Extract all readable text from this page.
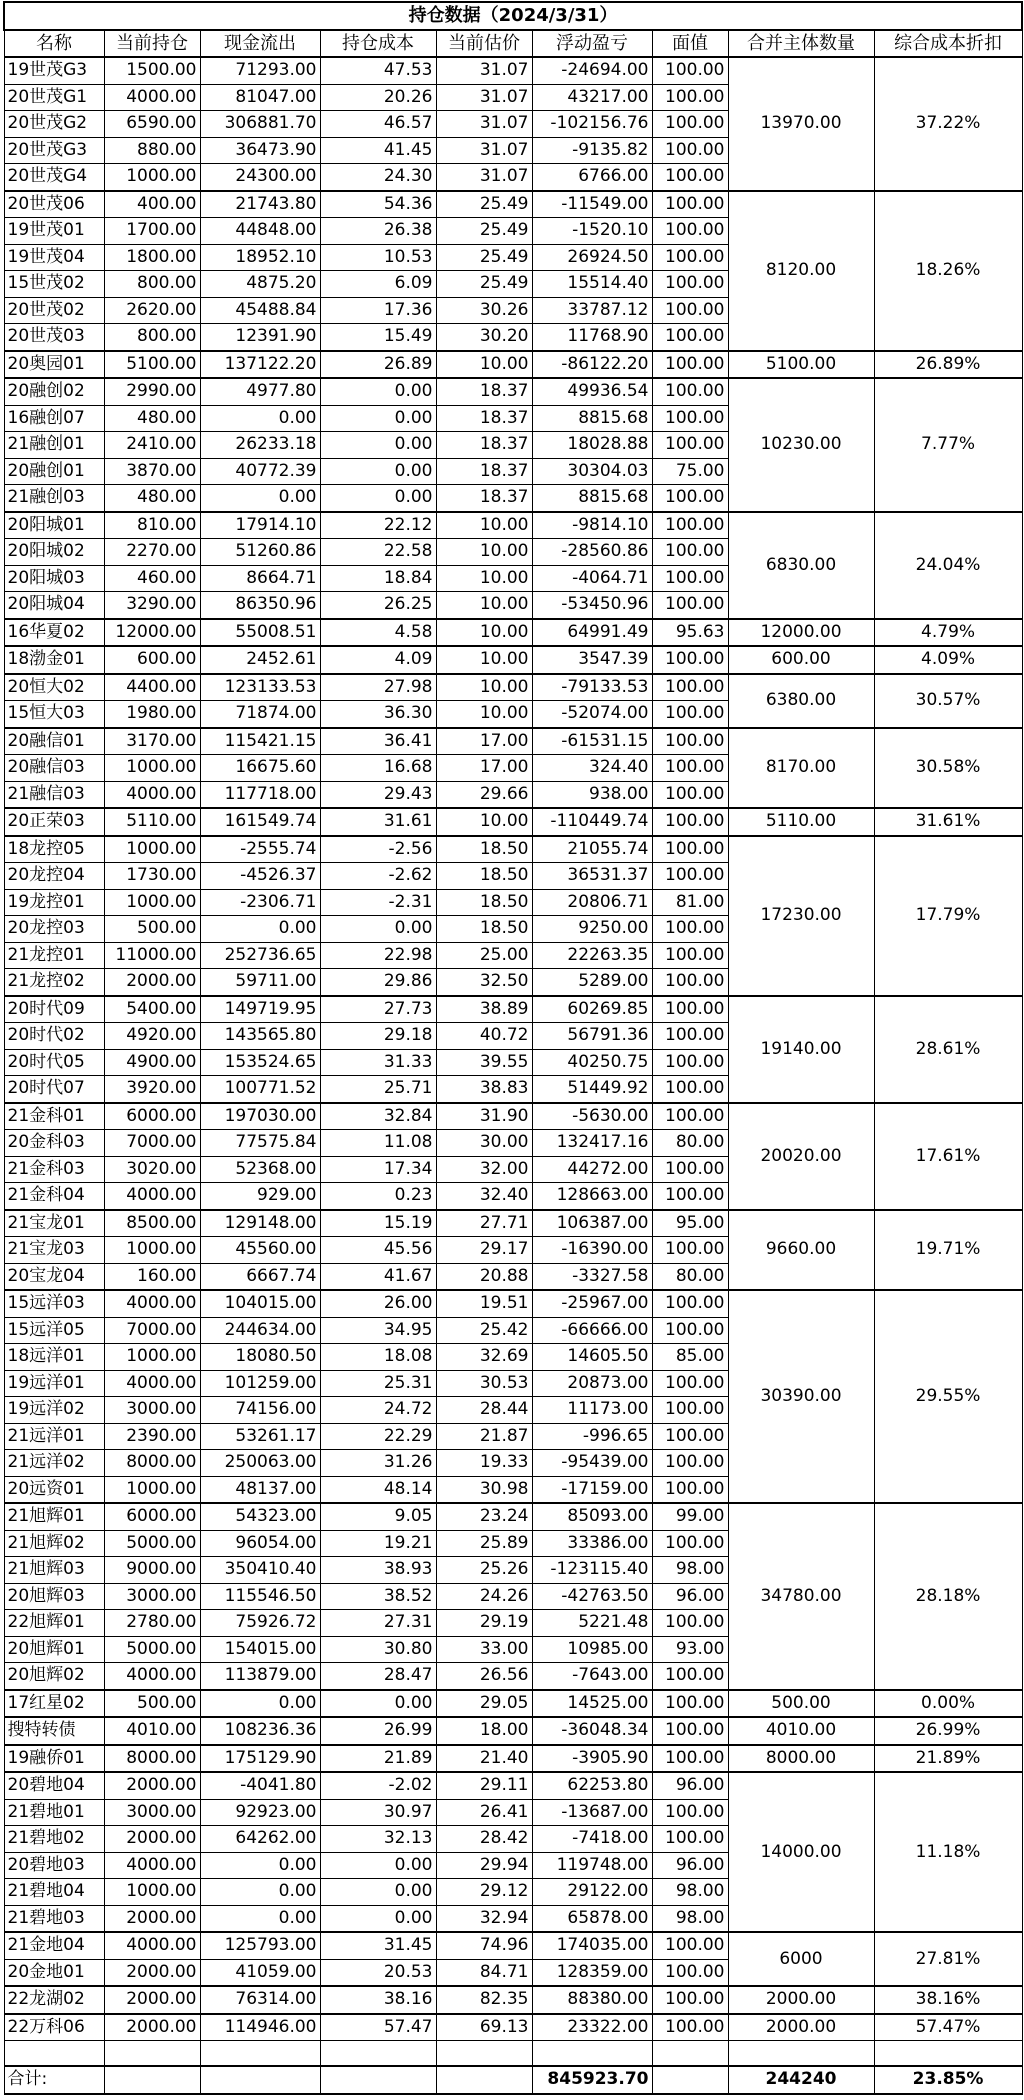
持仓数据（2024/3/31）								
名称	当前持仓	现金流出	持仓成本	当前估价	浮动盈亏	面值	合并主体数量	综合成本折扣
19世茂G3	1500.00	71293.00	47.53	31.07	-24694.00	100.00	13970.00	37.22%
20世茂G1	4000.00	81047.00	20.26	31.07	43217.00	100.00		
20世茂G2	6590.00	306881.70	46.57	31.07	-102156.76	100.00		
20世茂G3	880.00	36473.90	41.45	31.07	-9135.82	100.00		
20世茂G4	1000.00	24300.00	24.30	31.07	6766.00	100.00		
20世茂06	400.00	21743.80	54.36	25.49	-11549.00	100.00	8120.00	18.26%
19世茂01	1700.00	44848.00	26.38	25.49	-1520.10	100.00		
19世茂04	1800.00	18952.10	10.53	25.49	26924.50	100.00		
15世茂02	800.00	4875.20	6.09	25.49	15514.40	100.00		
20世茂02	2620.00	45488.84	17.36	30.26	33787.12	100.00		
20世茂03	800.00	12391.90	15.49	30.20	11768.90	100.00		
20奥园01	5100.00	137122.20	26.89	10.00	-86122.20	100.00	5100.00	26.89%
20融创02	2990.00	4977.80	0.00	18.37	49936.54	100.00	10230.00	7.77%
16融创07	480.00	0.00	0.00	18.37	8815.68	100.00		
21融创01	2410.00	26233.18	0.00	18.37	18028.88	100.00		
20融创01	3870.00	40772.39	0.00	18.37	30304.03	75.00		
21融创03	480.00	0.00	0.00	18.37	8815.68	100.00		
20阳城01	810.00	17914.10	22.12	10.00	-9814.10	100.00	6830.00	24.04%
20阳城02	2270.00	51260.86	22.58	10.00	-28560.86	100.00		
20阳城03	460.00	8664.71	18.84	10.00	-4064.71	100.00		
20阳城04	3290.00	86350.96	26.25	10.00	-53450.96	100.00		
16华夏02	12000.00	55008.51	4.58	10.00	64991.49	95.63	12000.00	4.79%
18渤金01	600.00	2452.61	4.09	10.00	3547.39	100.00	600.00	4.09%
20恒大02	4400.00	123133.53	27.98	10.00	-79133.53	100.00	6380.00	30.57%
15恒大03	1980.00	71874.00	36.30	10.00	-52074.00	100.00		
20融信01	3170.00	115421.15	36.41	17.00	-61531.15	100.00	8170.00	30.58%
20融信03	1000.00	16675.60	16.68	17.00	324.40	100.00		
21融信03	4000.00	117718.00	29.43	29.66	938.00	100.00		
20正荣03	5110.00	161549.74	31.61	10.00	-110449.74	100.00	5110.00	31.61%
18龙控05	1000.00	-2555.74	-2.56	18.50	21055.74	100.00	17230.00	17.79%
20龙控04	1730.00	-4526.37	-2.62	18.50	36531.37	100.00		
19龙控01	1000.00	-2306.71	-2.31	18.50	20806.71	81.00		
20龙控03	500.00	0.00	0.00	18.50	9250.00	100.00		
21龙控01	11000.00	252736.65	22.98	25.00	22263.35	100.00		
21龙控02	2000.00	59711.00	29.86	32.50	5289.00	100.00		
20时代09	5400.00	149719.95	27.73	38.89	60269.85	100.00	19140.00	28.61%
20时代02	4920.00	143565.80	29.18	40.72	56791.36	100.00		
20时代05	4900.00	153524.65	31.33	39.55	40250.75	100.00		
20时代07	3920.00	100771.52	25.71	38.83	51449.92	100.00		
21金科01	6000.00	197030.00	32.84	31.90	-5630.00	100.00	20020.00	17.61%
20金科03	7000.00	77575.84	11.08	30.00	132417.16	80.00		
21金科03	3020.00	52368.00	17.34	32.00	44272.00	100.00		
21金科04	4000.00	929.00	0.23	32.40	128663.00	100.00		
21宝龙01	8500.00	129148.00	15.19	27.71	106387.00	95.00	9660.00	19.71%
21宝龙03	1000.00	45560.00	45.56	29.17	-16390.00	100.00		
20宝龙04	160.00	6667.74	41.67	20.88	-3327.58	80.00		
15远洋03	4000.00	104015.00	26.00	19.51	-25967.00	100.00	30390.00	29.55%
15远洋05	7000.00	244634.00	34.95	25.42	-66666.00	100.00		
18远洋01	1000.00	18080.50	18.08	32.69	14605.50	85.00		
19远洋01	4000.00	101259.00	25.31	30.53	20873.00	100.00		
19远洋02	3000.00	74156.00	24.72	28.44	11173.00	100.00		
21远洋01	2390.00	53261.17	22.29	21.87	-996.65	100.00		
21远洋02	8000.00	250063.00	31.26	19.33	-95439.00	100.00		
20远资01	1000.00	48137.00	48.14	30.98	-17159.00	100.00		
21旭辉01	6000.00	54323.00	9.05	23.24	85093.00	99.00	34780.00	28.18%
21旭辉02	5000.00	96054.00	19.21	25.89	33386.00	100.00		
21旭辉03	9000.00	350410.40	38.93	25.26	-123115.40	98.00		
20旭辉03	3000.00	115546.50	38.52	24.26	-42763.50	96.00		
22旭辉01	2780.00	75926.72	27.31	29.19	5221.48	100.00		
20旭辉01	5000.00	154015.00	30.80	33.00	10985.00	93.00		
20旭辉02	4000.00	113879.00	28.47	26.56	-7643.00	100.00		
17红星02	500.00	0.00	0.00	29.05	14525.00	100.00	500.00	0.00%
搜特转债	4010.00	108236.36	26.99	18.00	-36048.34	100.00	4010.00	26.99%
19融侨01	8000.00	175129.90	21.89	21.40	-3905.90	100.00	8000.00	21.89%
20碧地04	2000.00	-4041.80	-2.02	29.11	62253.80	96.00	14000.00	11.18%
21碧地01	3000.00	92923.00	30.97	26.41	-13687.00	100.00		
21碧地02	2000.00	64262.00	32.13	28.42	-7418.00	100.00		
20碧地03	4000.00	0.00	0.00	29.94	119748.00	96.00		
21碧地04	1000.00	0.00	0.00	29.12	29122.00	98.00		
21碧地03	2000.00	0.00	0.00	32.94	65878.00	98.00		
21金地04	4000.00	125793.00	31.45	74.96	174035.00	100.00	6000	27.81%
20金地01	2000.00	41059.00	20.53	84.71	128359.00	100.00		
22龙湖02	2000.00	76314.00	38.16	82.35	88380.00	100.00	2000.00	38.16%
22万科06	2000.00	114946.00	57.47	69.13	23322.00	100.00	2000.00	57.47%

合计:					845923.70		244240	23.85%
